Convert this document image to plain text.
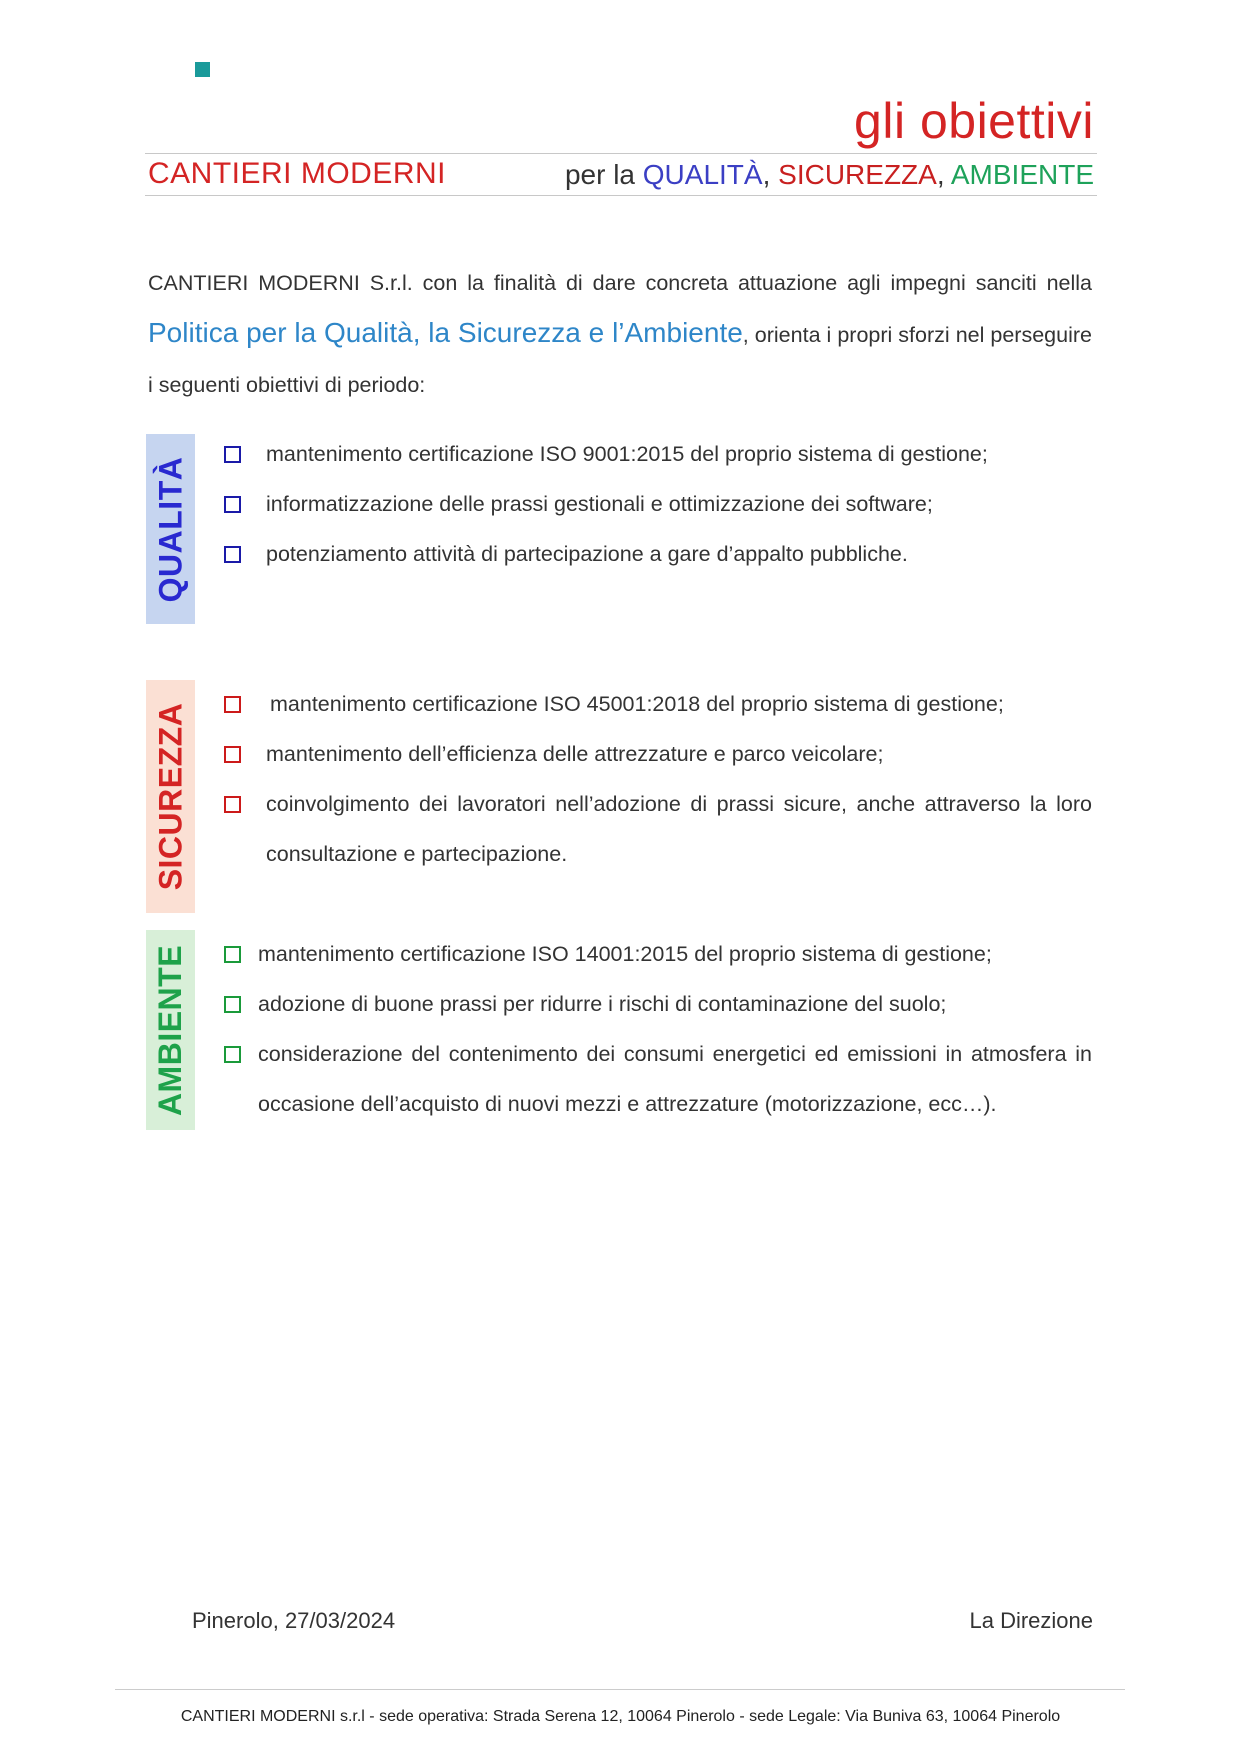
gli obiettivi
CANTIERI MODERNI	per la QUALITÀ, SICUREZZA, AMBIENTE
CANTIERI MODERNI S.r.l. con la finalità di dare concreta attuazione agli impegni sanciti nella Politica per la Qualità, la Sicurezza e l’Ambiente, orienta i propri sforzi nel perseguire i seguenti obiettivi di periodo:
QUALITÀ
mantenimento certificazione ISO 9001:2015 del proprio sistema di gestione;
informatizzazione delle prassi gestionali e ottimizzazione dei software;
potenziamento attività di partecipazione a gare d’appalto pubbliche.
SICUREZZA	mantenimento certificazione ISO 45001:2018 del proprio sistema di gestione;
mantenimento dell’efficienza delle attrezzature e parco veicolare;
coinvolgimento dei lavoratori nell’adozione di prassi sicure, anche attraverso la loro consultazione e partecipazione.
AMBIENTE	mantenimento certificazione ISO 14001:2015 del proprio sistema di gestione;
adozione di buone prassi per ridurre i rischi di contaminazione del suolo;
considerazione del contenimento dei consumi energetici ed emissioni in atmosfera in occasione dell’acquisto di nuovi mezzi e attrezzature (motorizzazione, ecc…).
Pinerolo, 27/03/2024	La Direzione
CANTIERI MODERNI s.r.l - sede operativa: Strada Serena 12, 10064 Pinerolo - sede Legale: Via Buniva 63, 10064 Pinerolo
